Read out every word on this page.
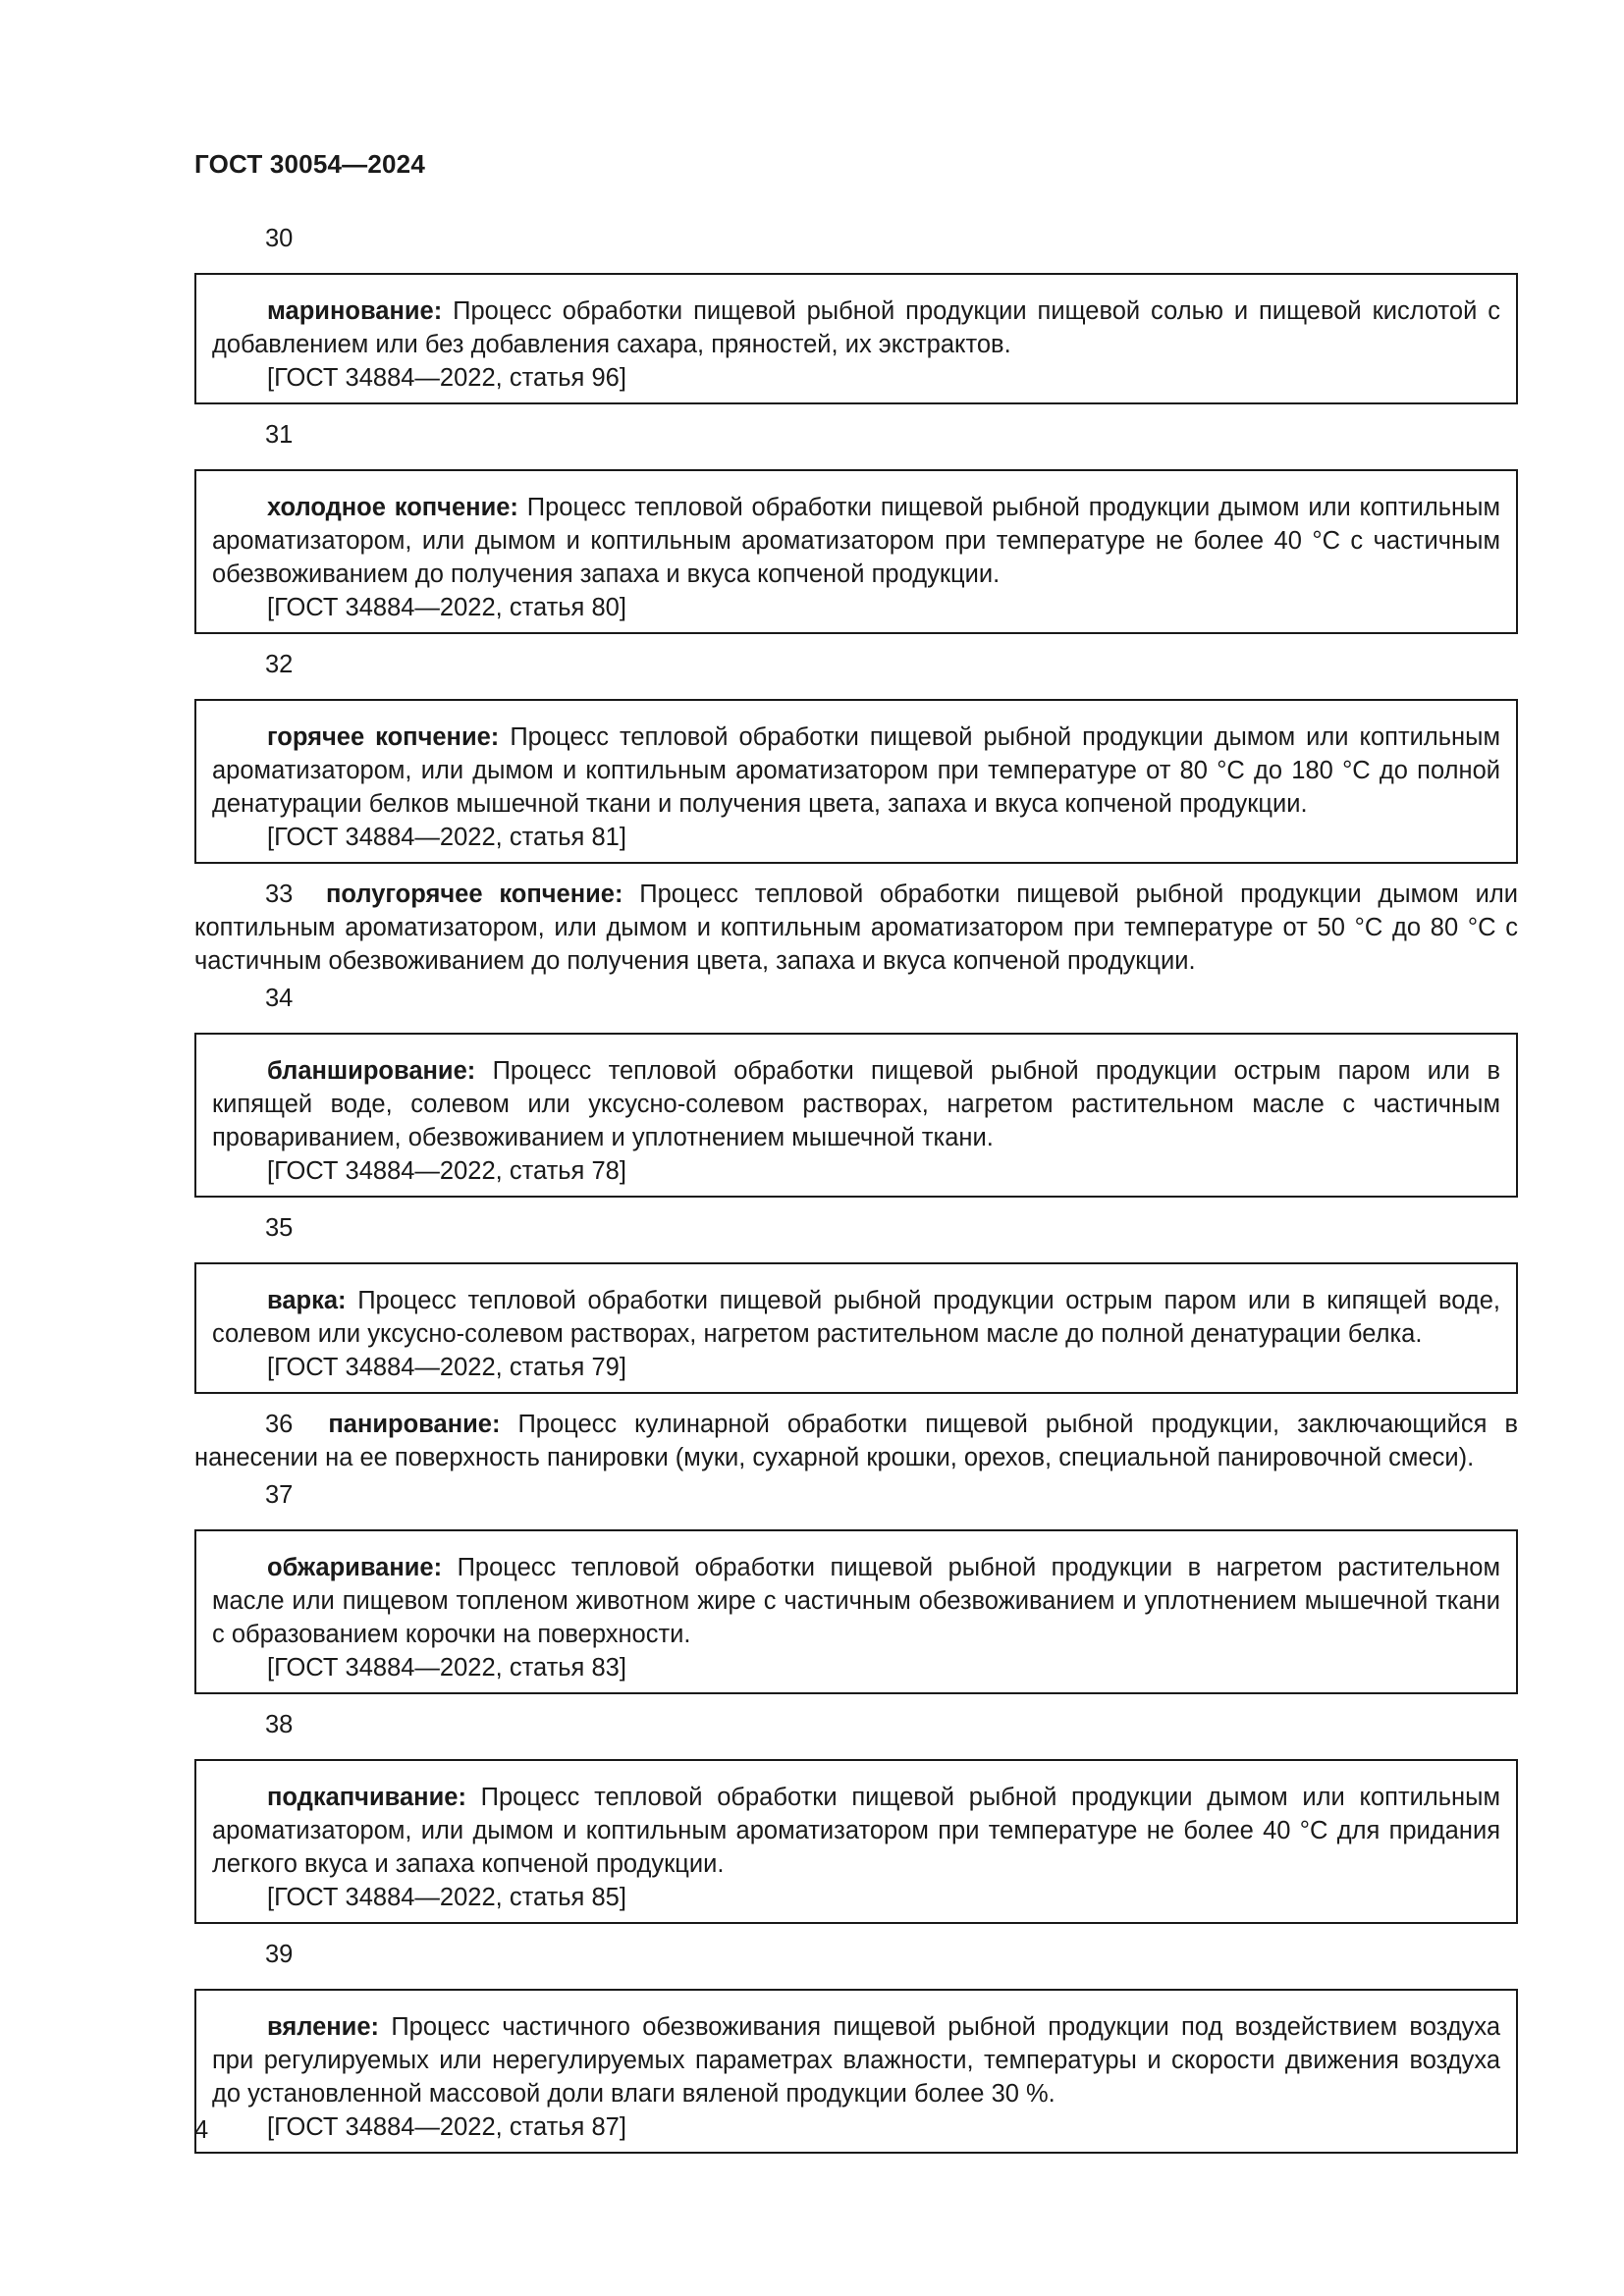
ГОСТ 30054—2024
30
маринование: Процесс обработки пищевой рыбной продукции пищевой солью и пищевой кислотой с добавлением или без добавления сахара, пряностей, их экстрактов.
[ГОСТ 34884—2022, статья 96]
31
холодное копчение: Процесс тепловой обработки пищевой рыбной продукции дымом или коптильным ароматизатором, или дымом и коптильным ароматизатором при температуре не более 40 °С с частичным обезвоживанием до получения запаха и вкуса копченой продукции.
[ГОСТ 34884—2022, статья 80]
32
горячее копчение: Процесс тепловой обработки пищевой рыбной продукции дымом или коптильным ароматизатором, или дымом и коптильным ароматизатором при температуре от 80 °С до 180 °С до полной денатурации белков мышечной ткани и получения цвета, запаха и вкуса копченой продукции.
[ГОСТ 34884—2022, статья 81]
33 полугорячее копчение: Процесс тепловой обработки пищевой рыбной продукции дымом или коптильным ароматизатором, или дымом и коптильным ароматизатором при температуре от 50 °С до 80 °С с частичным обезвоживанием до получения цвета, запаха и вкуса копченой продукции.
34
бланширование: Процесс тепловой обработки пищевой рыбной продукции острым паром или в кипящей воде, солевом или уксусно-солевом растворах, нагретом растительном масле с частичным провариванием, обезвоживанием и уплотнением мышечной ткани.
[ГОСТ 34884—2022, статья 78]
35
варка: Процесс тепловой обработки пищевой рыбной продукции острым паром или в кипящей воде, солевом или уксусно-солевом растворах, нагретом растительном масле до полной денатурации белка.
[ГОСТ 34884—2022, статья 79]
36 панирование: Процесс кулинарной обработки пищевой рыбной продукции, заключающийся в нанесении на ее поверхность панировки (муки, сухарной крошки, орехов, специальной панировочной смеси).
37
обжаривание: Процесс тепловой обработки пищевой рыбной продукции в нагретом растительном масле или пищевом топленом животном жире с частичным обезвоживанием и уплотнением мышечной ткани с образованием корочки на поверхности.
[ГОСТ 34884—2022, статья 83]
38
подкапчивание: Процесс тепловой обработки пищевой рыбной продукции дымом или коптильным ароматизатором, или дымом и коптильным ароматизатором при температуре не более 40 °С для придания легкого вкуса и запаха копченой продукции.
[ГОСТ 34884—2022, статья 85]
39
вяление: Процесс частичного обезвоживания пищевой рыбной продукции под воздействием воздуха при регулируемых или нерегулируемых параметрах влажности, температуры и скорости движения воздуха до установленной массовой доли влаги вяленой продукции более 30 %.
[ГОСТ 34884—2022, статья 87]
4
